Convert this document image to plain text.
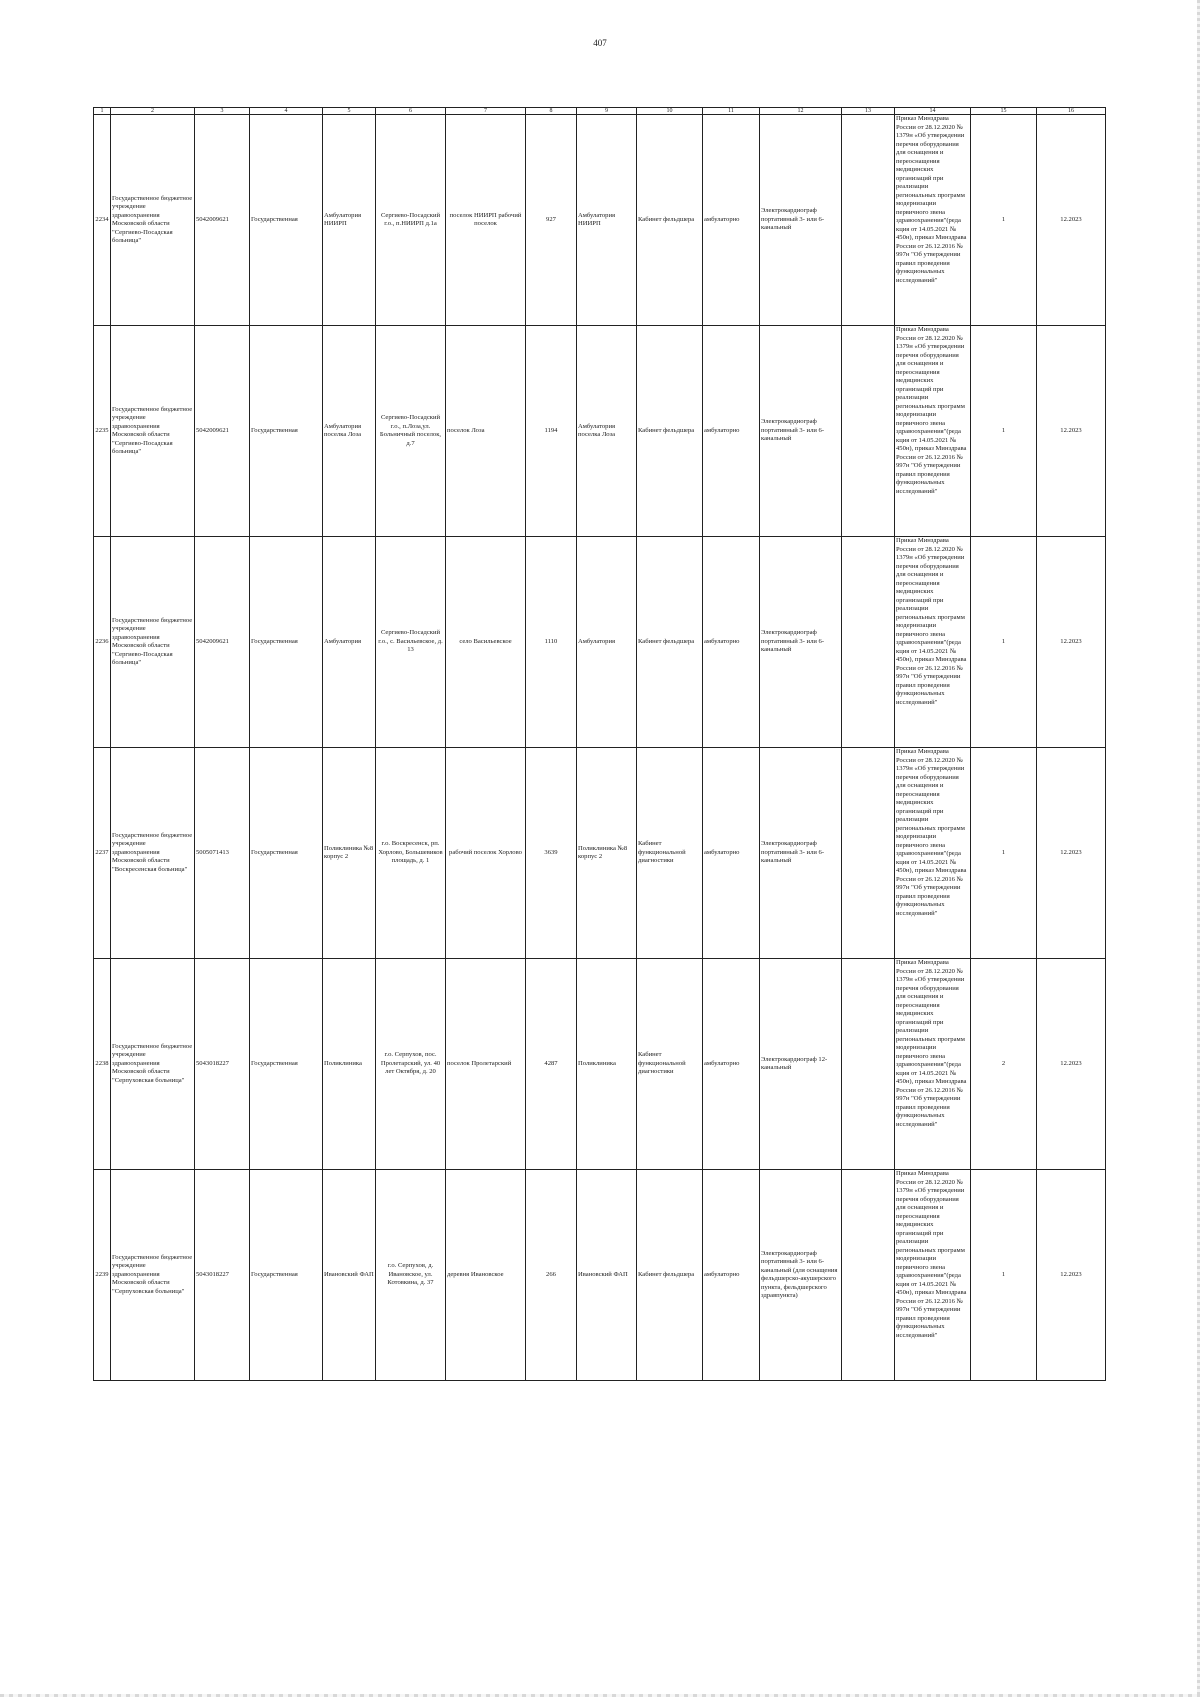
407
1	2	3	4	5	6	7	8	9	10	11	12	13	14	15	16
2234	Государственное бюджетное учреждение здравоохранения Московской области "Сергиево-Посадская больница"	5042009621	Государственная	Амбулатория НИИРП	Сергиево-Посадский г.о., п.НИИРП д.1а	поселок НИИРП рабочий поселок	927	Амбулатория НИИРП	Кабинет фельдшера	амбулаторно	Электрокардиограф портативный 3- или 6-канальный		Приказ Минздрава России от 28.12.2020 № 1379н «Об утверждении перечня оборудования для оснащения и переоснащения медицинских организаций при реализации региональных программ модернизации первичного звена здравоохранения"(реда кция от 14.05.2021 № 450н), приказ Минздрава России от 26.12.2016 № 997н "Об утверждении правил проведения функциональных исследований"	1	12.2023
2235	Государственное бюджетное учреждение здравоохранения Московской области "Сергиево-Посадская больница"	5042009621	Государственная	Амбулатория поселка Лоза	Сергиево-Посадский г.о., п.Лоза,ул. Больничный поселок, д.7	поселок Лоза	1194	Амбулатория поселка Лоза	Кабинет фельдшера	амбулаторно	Электрокардиограф портативный 3- или 6-канальный		Приказ Минздрава России от 28.12.2020 № 1379н «Об утверждении перечня оборудования для оснащения и переоснащения медицинских организаций при реализации региональных программ модернизации первичного звена здравоохранения"(реда кция от 14.05.2021 № 450н), приказ Минздрава России от 26.12.2016 № 997н "Об утверждении правил проведения функциональных исследований"	1	12.2023
2236	Государственное бюджетное учреждение здравоохранения Московской области "Сергиево-Посадская больница"	5042009621	Государственная	Амбулатория	Сергиево-Посадский г.о., с. Васильевское, д. 13	село Васильевское	1110	Амбулатория	Кабинет фельдшера	амбулаторно	Электрокардиограф портативный 3- или 6-канальный		Приказ Минздрава России от 28.12.2020 № 1379н «Об утверждении перечня оборудования для оснащения и переоснащения медицинских организаций при реализации региональных программ модернизации первичного звена здравоохранения"(реда кция от 14.05.2021 № 450н), приказ Минздрава России от 26.12.2016 № 997н "Об утверждении правил проведения функциональных исследований"	1	12.2023
2237	Государственное бюджетное учреждение здравоохранения Московской области "Воскресенская больница"	5005071413	Государственная	Поликлиника №8 корпус 2	г.о. Воскресенск, рп. Хорлово, Большевиков площадь, д. 1	рабочий поселок Хорлово	3639	Поликлиника №8 корпус 2	Кабинет функциональной диагностики	амбулаторно	Электрокардиограф портативный 3- или 6-канальный		Приказ Минздрава России от 28.12.2020 № 1379н «Об утверждении перечня оборудования для оснащения и переоснащения медицинских организаций при реализации региональных программ модернизации первичного звена здравоохранения"(реда кция от 14.05.2021 № 450н), приказ Минздрава России от 26.12.2016 № 997н "Об утверждении правил проведения функциональных исследований"	1	12.2023
2238	Государственное бюджетное учреждение здравоохранения Московской области "Серпуховская больница"	5043018227	Государственная	Поликлиника	г.о. Серпухов, пос. Пролетарский, ул. 40 лет Октября, д. 20	поселок Пролетарский	4287	Поликлиника	Кабинет функциональной диагностики	амбулаторно	Электрокардиограф 12-канальный		Приказ Минздрава России от 28.12.2020 № 1379н «Об утверждении перечня оборудования для оснащения и переоснащения медицинских организаций при реализации региональных программ модернизации первичного звена здравоохранения"(реда кция от 14.05.2021 № 450н), приказ Минздрава России от 26.12.2016 № 997н "Об утверждении правил проведения функциональных исследований"	2	12.2023
2239	Государственное бюджетное учреждение здравоохранения Московской области "Серпуховская больница"	5043018227	Государственная	Ивановский ФАП	г.о. Серпухов, д. Ивановское, ул. Котовкина, д. 37	деревня Ивановское	266	Ивановский ФАП	Кабинет фельдшера	амбулаторно	Электрокардиограф портативный 3- или 6-канальный (для оснащения фельдшерско-акушерского пункта, фельдшерского здравпункта)		Приказ Минздрава России от 28.12.2020 № 1379н «Об утверждении перечня оборудования для оснащения и переоснащения медицинских организаций при реализации региональных программ модернизации первичного звена здравоохранения"(реда кция от 14.05.2021 № 450н), приказ Минздрава России от 26.12.2016 № 997н "Об утверждении правил проведения функциональных исследований"	1	12.2023
